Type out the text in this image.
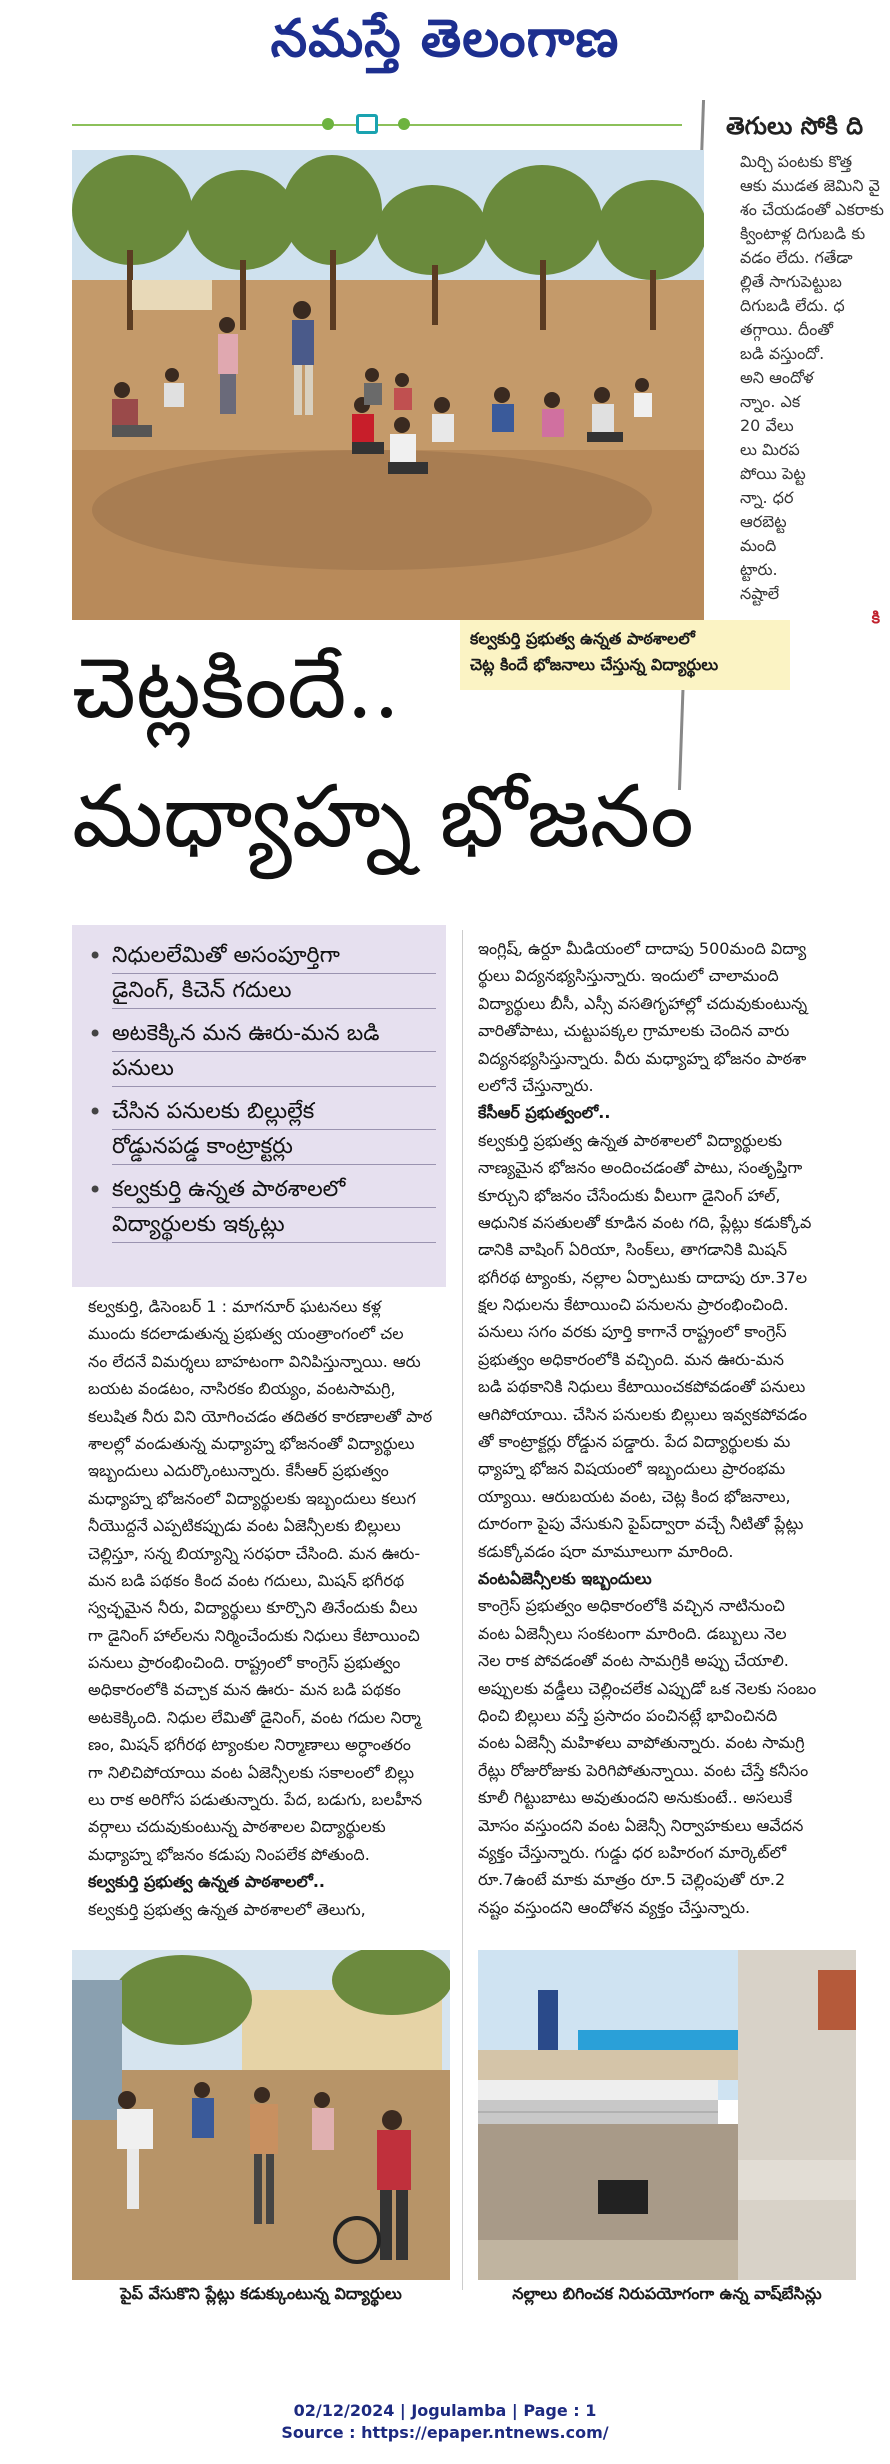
నమస్తే తెలంగాణ
తెగులు సోకి ది
మిర్చి పంటకు కొత్త
ఆకు ముడత జెమిని వై
శం చేయడంతో ఎకరాకు
క్వింటాళ్ల దిగుబడి కు
వడం లేదు. గతేడా
ల్లితే సాగుపెట్టుబ
దిగుబడి లేదు. ధ
తగ్గాయి. దీంతో
బడి వస్తుందో.
అని ఆందోళ
న్నాం. ఎక
20 వేలు
లు మిరప
పోయి పెట్ట
న్నా. ధర
ఆరబెట్ట
మంది
ట్టారు.
నష్టాలే
కి
కల్వకుర్తి ప్రభుత్వ ఉన్నత పాఠశాలలో
చెట్ల కిందే భోజనాలు చేస్తున్న విద్యార్థులు
చెట్లకిందే..
మధ్యాహ్న భోజనం
• నిధులలేమితో అసంపూర్తిగా
డైనింగ్, కిచెన్ గదులు
• అటకెక్కిన మన ఊరు-మన బడి
పనులు
• చేసిన పనులకు బిల్లుల్లేక
రోడ్డునపడ్డ కాంట్రాక్టర్లు
• కల్వకుర్తి ఉన్నత పాఠశాలలో
విద్యార్థులకు ఇక్కట్లు
కల్వకుర్తి, డిసెంబర్ 1 : మాగనూర్ ఘటనలు కళ్ల
ముందు కదలాడుతున్న ప్రభుత్వ యంత్రాంగంలో చల
నం లేదనే విమర్శలు బాహటంగా వినిపిస్తున్నాయి. ఆరు
బయట వండటం, నాసిరకం బియ్యం, వంటసామగ్రి,
కలుషిత నీరు విని యోగించడం తదితర కారణాలతో పాఠ
శాలల్లో వండుతున్న మధ్యాహ్న భోజనంతో విద్యార్థులు
ఇబ్బందులు ఎదుర్కొంటున్నారు. కేసీఆర్ ప్రభుత్వం
మధ్యాహ్న భోజనంలో విద్యార్థులకు ఇబ్బందులు కలుగ
నీయొద్దనే ఎప్పటికప్పుడు వంట ఏజెన్సీలకు బిల్లులు
చెల్లిస్తూ, సన్న బియ్యాన్ని సరఫరా చేసింది. మన ఊరు-
మన బడి పథకం కింద వంట గదులు, మిషన్ భగీరథ
స్వచ్ఛమైన నీరు, విద్యార్థులు కూర్చొని తినేందుకు వీలు
గా డైనింగ్ హాల్‌లను నిర్మించేందుకు నిధులు కేటాయించి
పనులు ప్రారంభించింది. రాష్ట్రంలో కాంగ్రెస్ ప్రభుత్వం
అధికారంలోకి వచ్చాక మన ఊరు- మన బడి పథకం
అటకెక్కింది. నిధుల లేమితో డైనింగ్, వంట గదుల నిర్మా
ణం, మిషన్ భగీరథ ట్యాంకుల నిర్మాణాలు అర్ధాంతరం
గా నిలిచిపోయాయి వంట ఏజెన్సీలకు సకాలంలో బిల్లు
లు రాక అరిగోస పడుతున్నారు. పేద, బడుగు, బలహీన
వర్గాలు చదువుకుంటున్న పాఠశాలల విద్యార్థులకు
మధ్యాహ్న భోజనం కడుపు నింపలేక పోతుంది.
కల్వకుర్తి ప్రభుత్వ ఉన్నత పాఠశాలలో..
కల్వకుర్తి ప్రభుత్వ ఉన్నత పాఠశాలలో తెలుగు,
ఇంగ్లిష్, ఉర్దూ మీడియంలో దాదాపు 500మంది విద్యా
ర్థులు విద్యనభ్యసిస్తున్నారు. ఇందులో చాలామంది
విద్యార్థులు బీసీ, ఎస్సీ వసతిగృహాల్లో చదువుకుంటున్న
వారితోపాటు, చుట్టుపక్కల గ్రామాలకు చెందిన వారు
విద్యనభ్యసిస్తున్నారు. వీరు మధ్యాహ్న భోజనం పాఠశా
లలోనే చేస్తున్నారు.
కేసీఆర్ ప్రభుత్వంలో..
కల్వకుర్తి ప్రభుత్వ ఉన్నత పాఠశాలలో విద్యార్థులకు
నాణ్యమైన భోజనం అందించడంతో పాటు, సంతృప్తిగా
కూర్చుని భోజనం చేసేందుకు వీలుగా డైనింగ్ హాల్,
ఆధునిక వసతులతో కూడిన వంట గది, ప్లేట్లు కడుక్కోవ
డానికి వాషింగ్ ఏరియా, సింక్‌లు, తాగడానికి మిషన్
భగీరథ ట్యాంకు, నల్లాల ఏర్పాటుకు దాదాపు రూ.37ల
క్షల నిధులను కేటాయించి పనులను ప్రారంభించింది.
పనులు సగం వరకు పూర్తి కాగానే రాష్ట్రంలో కాంగ్రెస్
ప్రభుత్వం అధికారంలోకి వచ్చింది. మన ఊరు-మన
బడి పథకానికి నిధులు కేటాయించకపోవడంతో పనులు
ఆగిపోయాయి. చేసిన పనులకు బిల్లులు ఇవ్వకపోవడం
తో కాంట్రాక్టర్లు రోడ్డున పడ్డారు. పేద విద్యార్థులకు మ
ధ్యాహ్న భోజన విషయంలో ఇబ్బందులు ప్రారంభమ
య్యాయి. ఆరుబయట వంట, చెట్ల కింద భోజనాలు,
దూరంగా పైపు వేసుకుని పైప్‌ద్వారా వచ్చే నీటితో ప్లేట్లు
కడుక్కోవడం షరా మామూలుగా మారింది.
వంటఏజెన్సీలకు ఇబ్బందులు
కాంగ్రెస్ ప్రభుత్వం అధికారంలోకి వచ్చిన నాటినుంచి
వంట ఏజెన్సీలు సంకటంగా మారింది. డబ్బులు నెల
నెల రాక పోవడంతో వంట సామగ్రికి అప్పు చేయాలి.
అప్పులకు వడ్డీలు చెల్లించలేక ఎప్పుడో ఒక నెలకు సంబం
ధించి బిల్లులు వస్తే ప్రసాదం పంచినట్లే భావించినది
వంట ఏజెన్సీ మహిళలు వాపోతున్నారు. వంట సామగ్రి
రేట్లు రోజురోజుకు పెరిగిపోతున్నాయి. వంట చేస్తే కనీసం
కూలీ గిట్టుబాటు అవుతుందని అనుకుంటే.. అసలుకే
మోసం వస్తుందని వంట ఏజెన్సీ నిర్వాహకులు ఆవేదన
వ్యక్తం చేస్తున్నారు. గుడ్డు ధర బహిరంగ మార్కెట్‌లో
రూ.7ఉంటే మాకు మాత్రం రూ.5 చెల్లింపుతో రూ.2
నష్టం వస్తుందని ఆందోళన వ్యక్తం చేస్తున్నారు.
పైప్ వేసుకొని ప్లేట్లు కడుక్కుంటున్న విద్యార్థులు	నల్లాలు బిగించక నిరుపయోగంగా ఉన్న వాష్‌బేసిన్లు
02/12/2024 | Jogulamba | Page : 1
Source : https://epaper.ntnews.com/
